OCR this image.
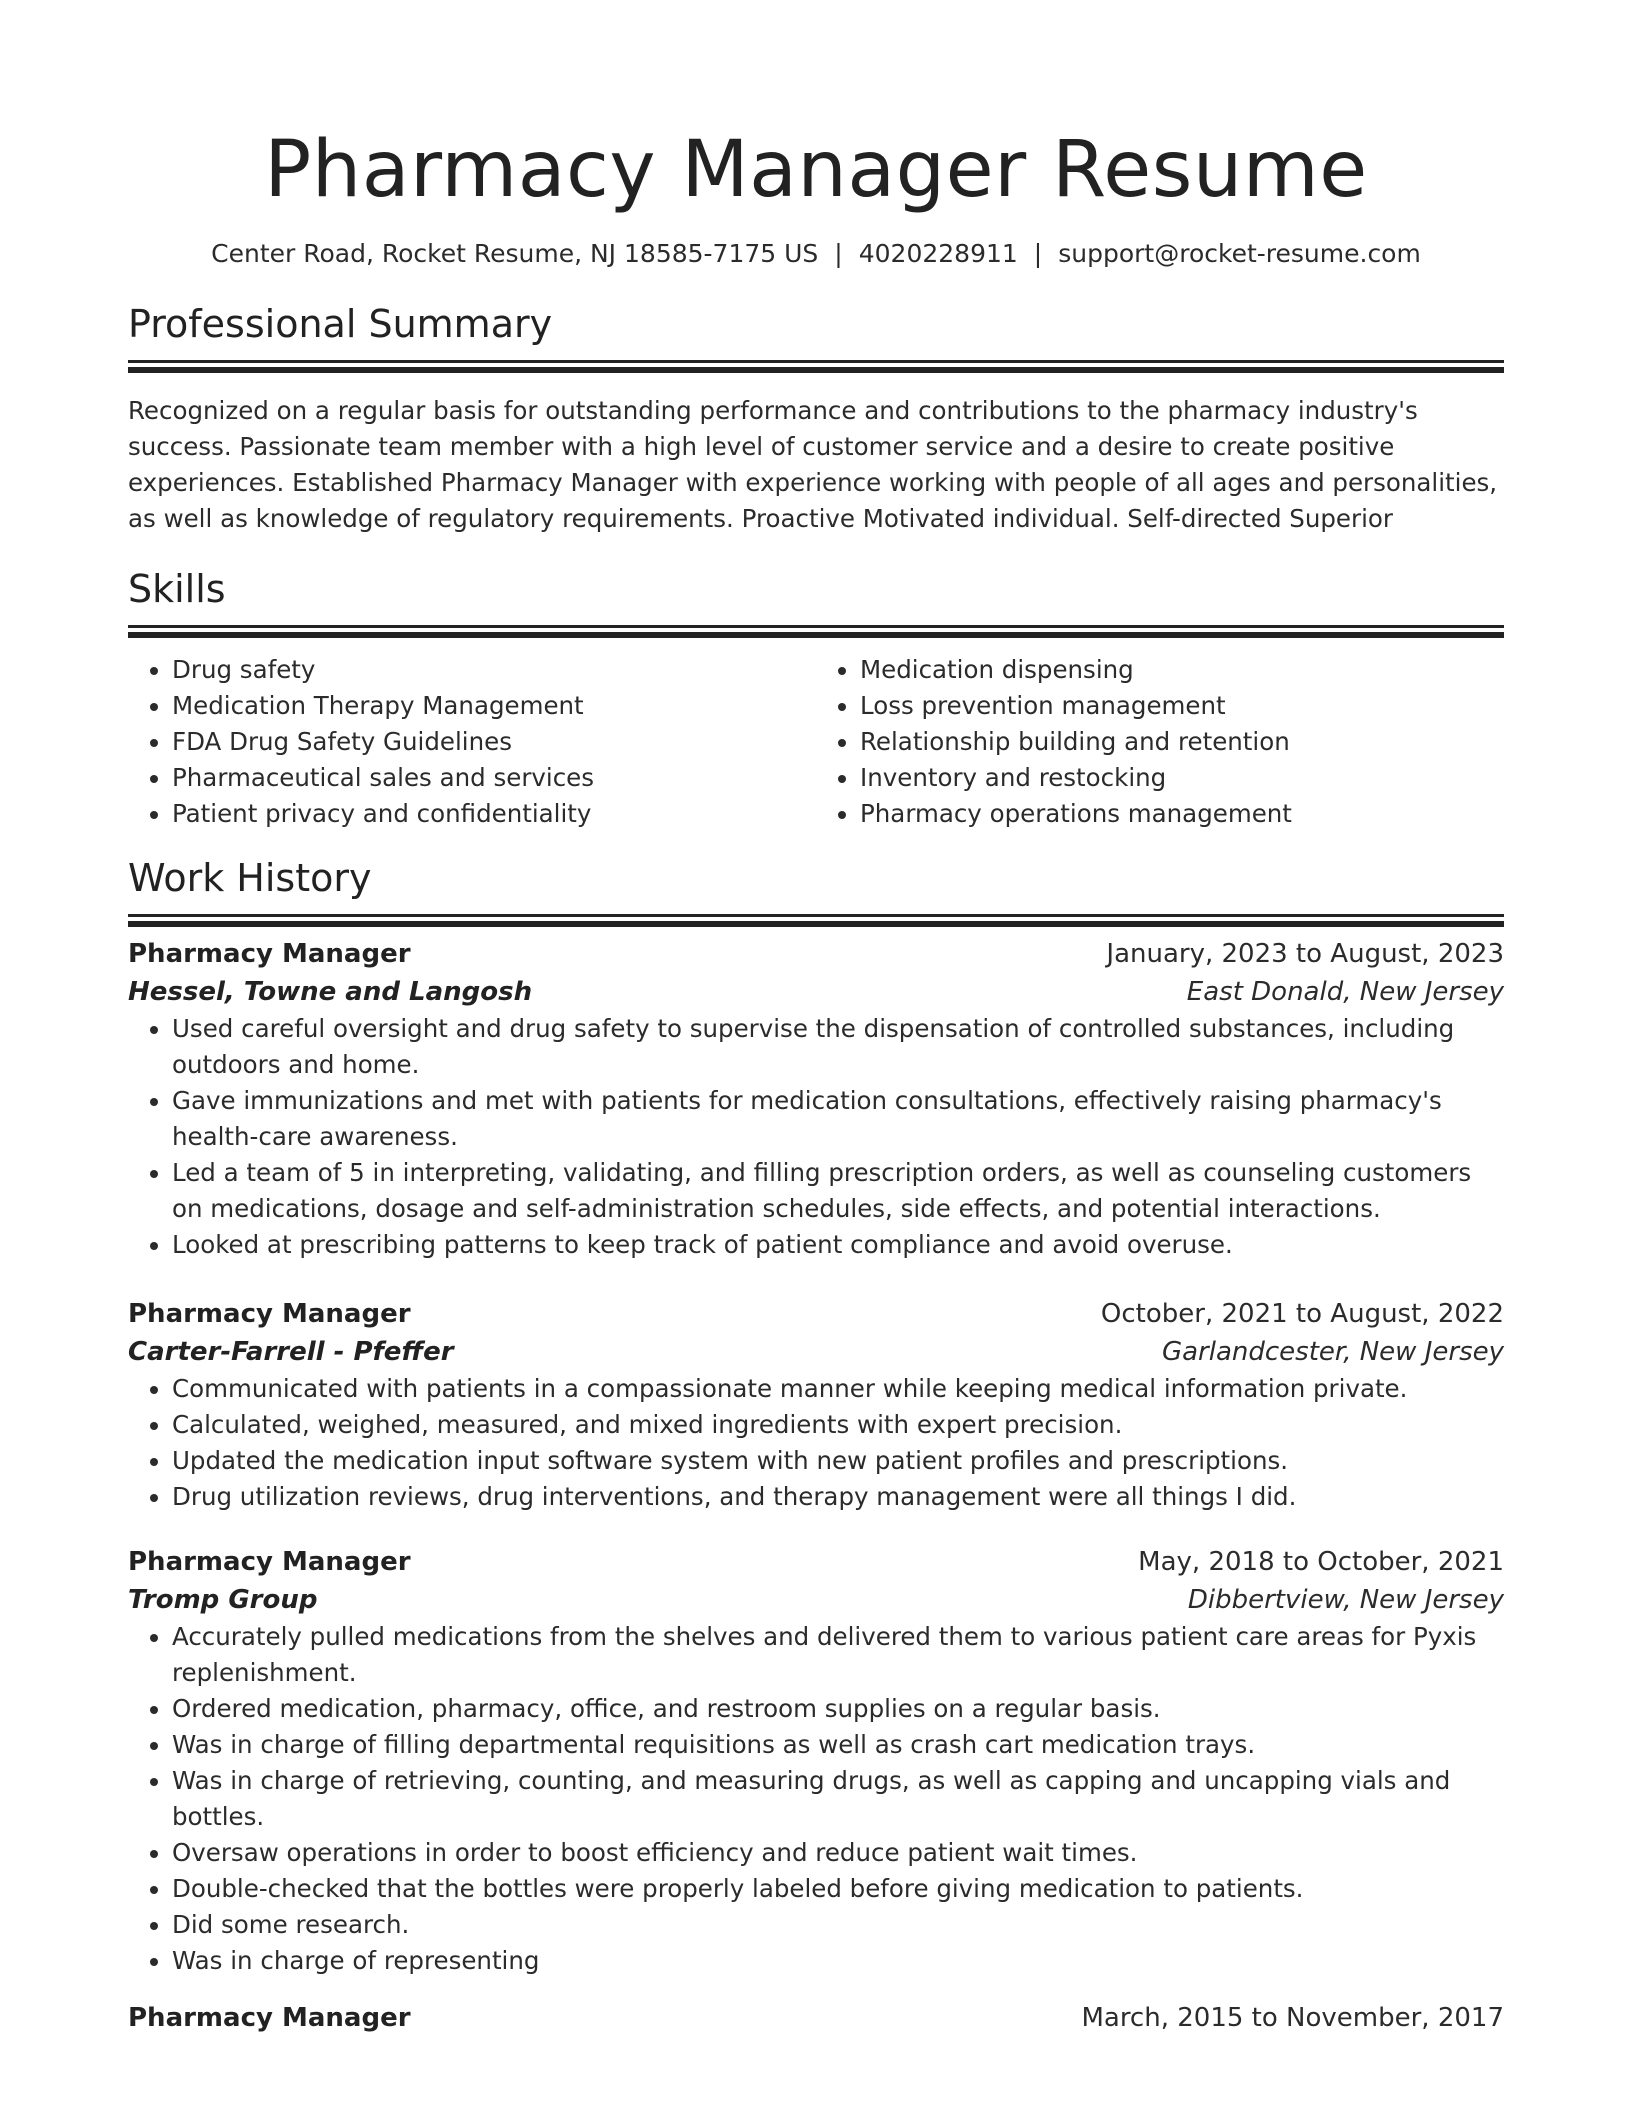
Pharmacy Manager Resume
Center Road, Rocket Resume, NJ 18585-7175 US | 4020228911 | support@rocket-resume.com
Professional Summary
Recognized on a regular basis for outstanding performance and contributions to the pharmacy industry's success. Passionate team member with a high level of customer service and a desire to create positive experiences. Established Pharmacy Manager with experience working with people of all ages and personalities, as well as knowledge of regulatory requirements. Proactive Motivated individual. Self-directed Superior
Skills
• Drug safety
• Medication Therapy Management
• FDA Drug Safety Guidelines
• Pharmaceutical sales and services
• Patient privacy and confidentiality
• Medication dispensing
• Loss prevention management
• Relationship building and retention
• Inventory and restocking
• Pharmacy operations management
Work History
Pharmacy Manager	January, 2023 to August, 2023
Hessel, Towne and Langosh	East Donald, New Jersey
• Used careful oversight and drug safety to supervise the dispensation of controlled substances, including outdoors and home.
• Gave immunizations and met with patients for medication consultations, effectively raising pharmacy's health-care awareness.
• Led a team of 5 in interpreting, validating, and filling prescription orders, as well as counseling customers on medications, dosage and self-administration schedules, side effects, and potential interactions.
• Looked at prescribing patterns to keep track of patient compliance and avoid overuse.
Pharmacy Manager	October, 2021 to August, 2022
Carter-Farrell - Pfeffer	Garlandcester, New Jersey
• Communicated with patients in a compassionate manner while keeping medical information private.
• Calculated, weighed, measured, and mixed ingredients with expert precision.
• Updated the medication input software system with new patient profiles and prescriptions.
• Drug utilization reviews, drug interventions, and therapy management were all things I did.
Pharmacy Manager	May, 2018 to October, 2021
Tromp Group	Dibbertview, New Jersey
• Accurately pulled medications from the shelves and delivered them to various patient care areas for Pyxis replenishment.
• Ordered medication, pharmacy, office, and restroom supplies on a regular basis.
• Was in charge of filling departmental requisitions as well as crash cart medication trays.
• Was in charge of retrieving, counting, and measuring drugs, as well as capping and uncapping vials and bottles.
• Oversaw operations in order to boost efficiency and reduce patient wait times.
• Double-checked that the bottles were properly labeled before giving medication to patients.
• Did some research.
• Was in charge of representing
Pharmacy Manager	March, 2015 to November, 2017
